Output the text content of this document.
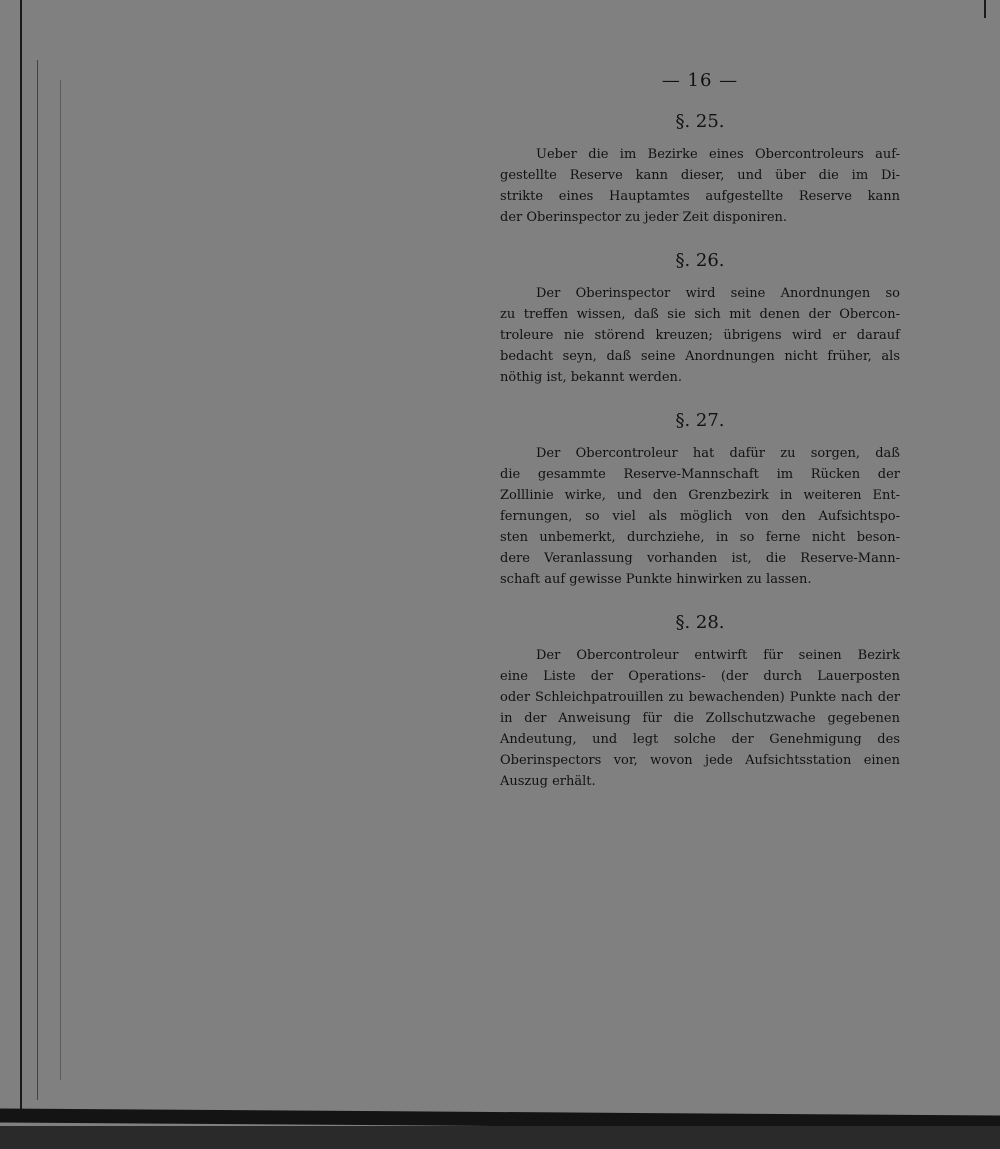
— 16 —
§. 25.

Ueber die im Bezirke eines Obercontroleurs auf-
gestellte Reserve kann dieser, und über die im Di-
strikte eines Hauptamtes aufgestellte Reserve kann
der Oberinspector zu jeder Zeit disponiren.

§. 26.

Der Oberinspector wird seine Anordnungen so
zu treffen wissen, daß sie sich mit denen der Obercon-
troleure nie störend kreuzen; übrigens wird er darauf
bedacht seyn, daß seine Anordnungen nicht früher, als
nöthig ist, bekannt werden.

§. 27.

Der Obercontroleur hat dafür zu sorgen, daß
die gesammte Reserve-Mannschaft im Rücken der
Zolllinie wirke, und den Grenzbezirk in weiteren Ent-
fernungen, so viel als möglich von den Aufsichtspo-
sten unbemerkt, durchziehe, in so ferne nicht beson-
dere Veranlassung vorhanden ist, die Reserve-Mann-
schaft auf gewisse Punkte hinwirken zu lassen.

§. 28.

Der Obercontroleur entwirft für seinen Bezirk
eine Liste der Operations- (der durch Lauerposten
oder Schleichpatrouillen zu bewachenden) Punkte nach der
in der Anweisung für die Zollschutzwache gegebenen
Andeutung, und legt solche der Genehmigung des
Oberinspectors vor, wovon jede Aufsichtsstation einen
Auszug erhält.
